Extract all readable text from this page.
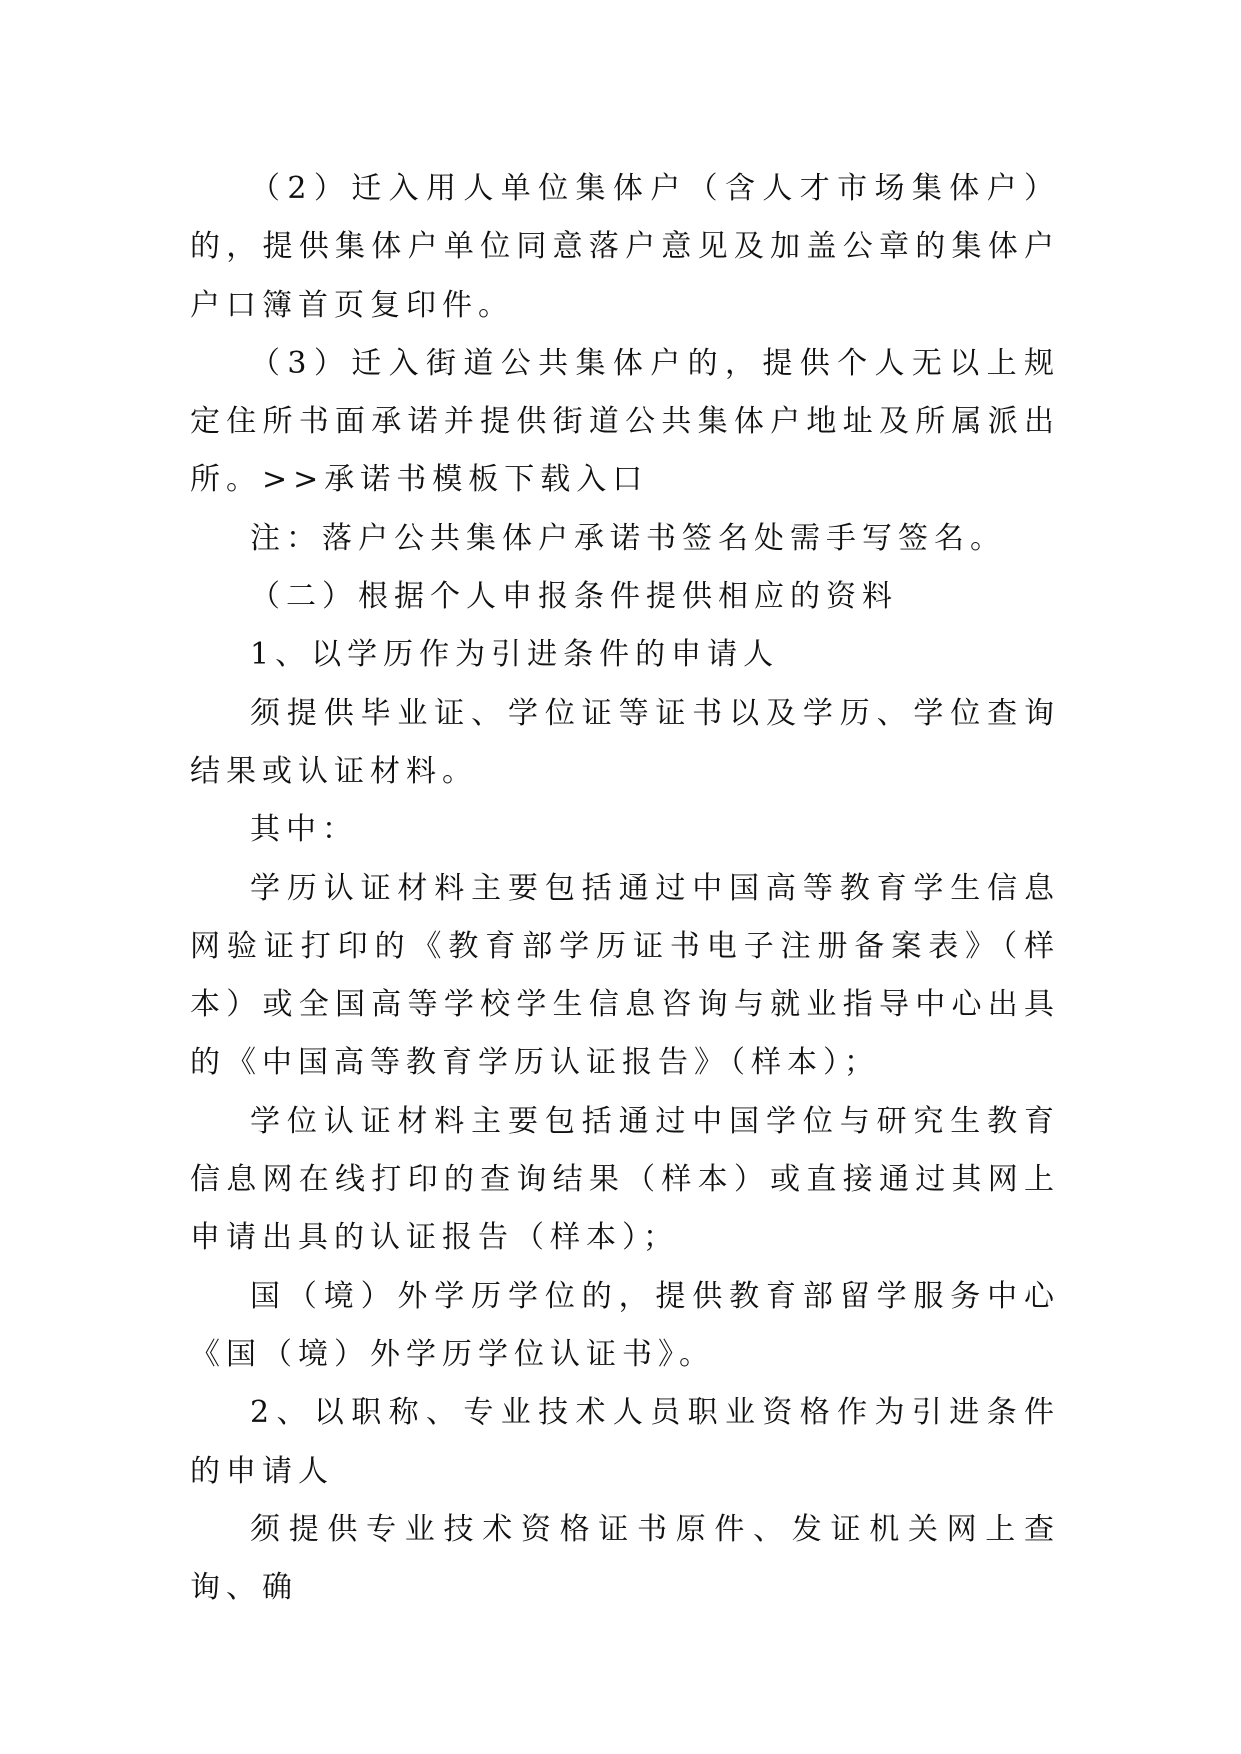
（2）迁入用人单位集体户（含人才市场集体户）的，提供集体户单位同意落户意见及加盖公章的集体户户口簿首页复印件。

（3）迁入街道公共集体户的，提供个人无以上规定住所书面承诺并提供街道公共集体户地址及所属派出所。>>承诺书模板下载入口

注：落户公共集体户承诺书签名处需手写签名。

（二）根据个人申报条件提供相应的资料

1、以学历作为引进条件的申请人

须提供毕业证、学位证等证书以及学历、学位查询结果或认证材料。

其中：

学历认证材料主要包括通过中国高等教育学生信息网验证打印的《教育部学历证书电子注册备案表》（样本）或全国高等学校学生信息咨询与就业指导中心出具的《中国高等教育学历认证报告》（样本）；

学位认证材料主要包括通过中国学位与研究生教育信息网在线打印的查询结果（样本）或直接通过其网上申请出具的认证报告（样本）；

国（境）外学历学位的，提供教育部留学服务中心《国（境）外学历学位认证书》。

2、以职称、专业技术人员职业资格作为引进条件的申请人

须提供专业技术资格证书原件、发证机关网上查询、确
